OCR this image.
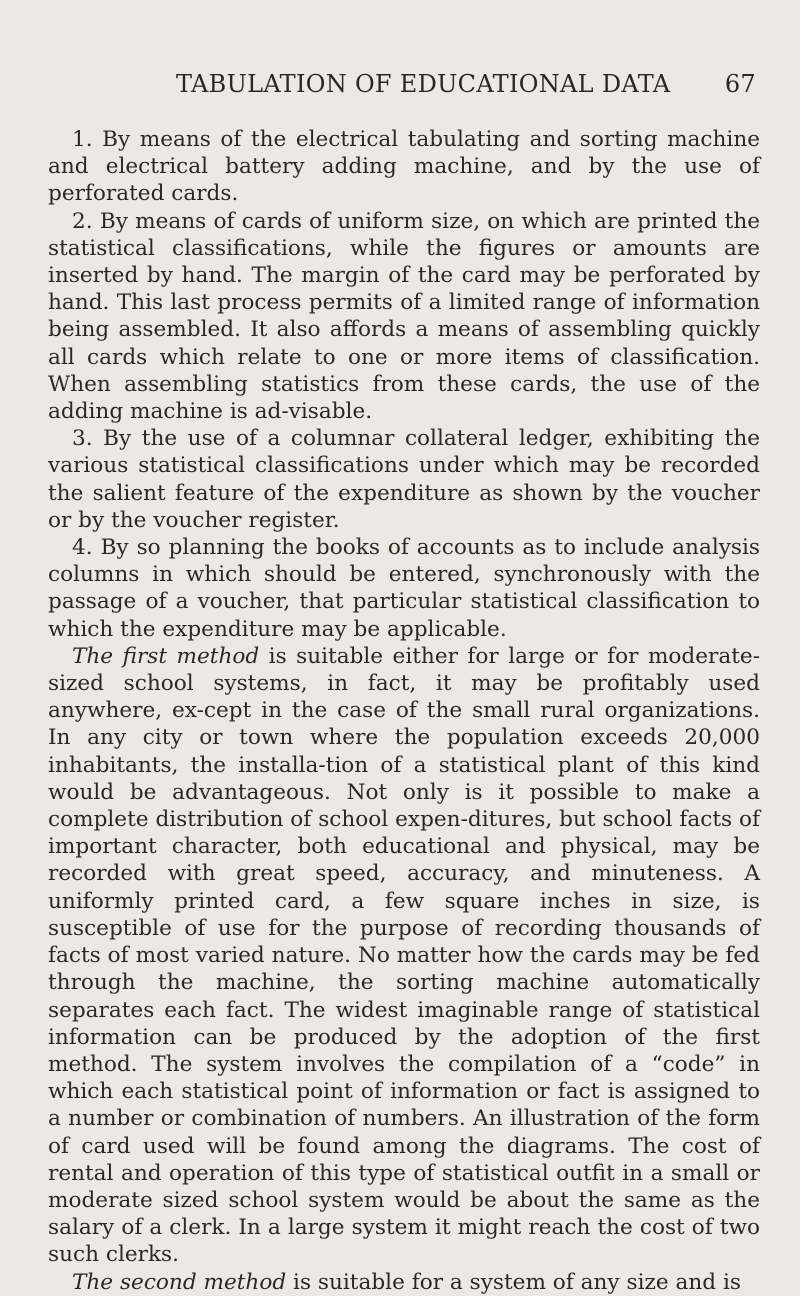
TABULATION OF EDUCATIONAL DATA 67

1. By means of the electrical tabulating and sorting machine and electrical battery adding machine, and by the use of perforated cards.

2. By means of cards of uniform size, on which are printed the statistical classifications, while the figures or amounts are inserted by hand. The margin of the card may be perforated by hand. This last process permits of a limited range of information being assembled. It also affords a means of assembling quickly all cards which relate to one or more items of classification. When assembling statistics from these cards, the use of the adding machine is ad-visable.

3. By the use of a columnar collateral ledger, exhibiting the various statistical classifications under which may be recorded the salient feature of the expenditure as shown by the voucher or by the voucher register.

4. By so planning the books of accounts as to include analysis columns in which should be entered, synchronously with the passage of a voucher, that particular statistical classification to which the expenditure may be applicable.

The first method is suitable either for large or for moderate-sized school systems, in fact, it may be profitably used anywhere, ex-cept in the case of the small rural organizations. In any city or town where the population exceeds 20,000 inhabitants, the installa-tion of a statistical plant of this kind would be advantageous. Not only is it possible to make a complete distribution of school expen-ditures, but school facts of important character, both educational and physical, may be recorded with great speed, accuracy, and minuteness. A uniformly printed card, a few square inches in size, is susceptible of use for the purpose of recording thousands of facts of most varied nature. No matter how the cards may be fed through the machine, the sorting machine automatically separates each fact. The widest imaginable range of statistical information can be produced by the adoption of the first method. The system involves the compilation of a “code” in which each statistical point of information or fact is assigned to a number or combination of numbers. An illustration of the form of card used will be found among the diagrams. The cost of rental and operation of this type of statistical outfit in a small or moderate sized school system would be about the same as the salary of a clerk. In a large system it might reach the cost of two such clerks.

The second method is suitable for a system of any size and is
